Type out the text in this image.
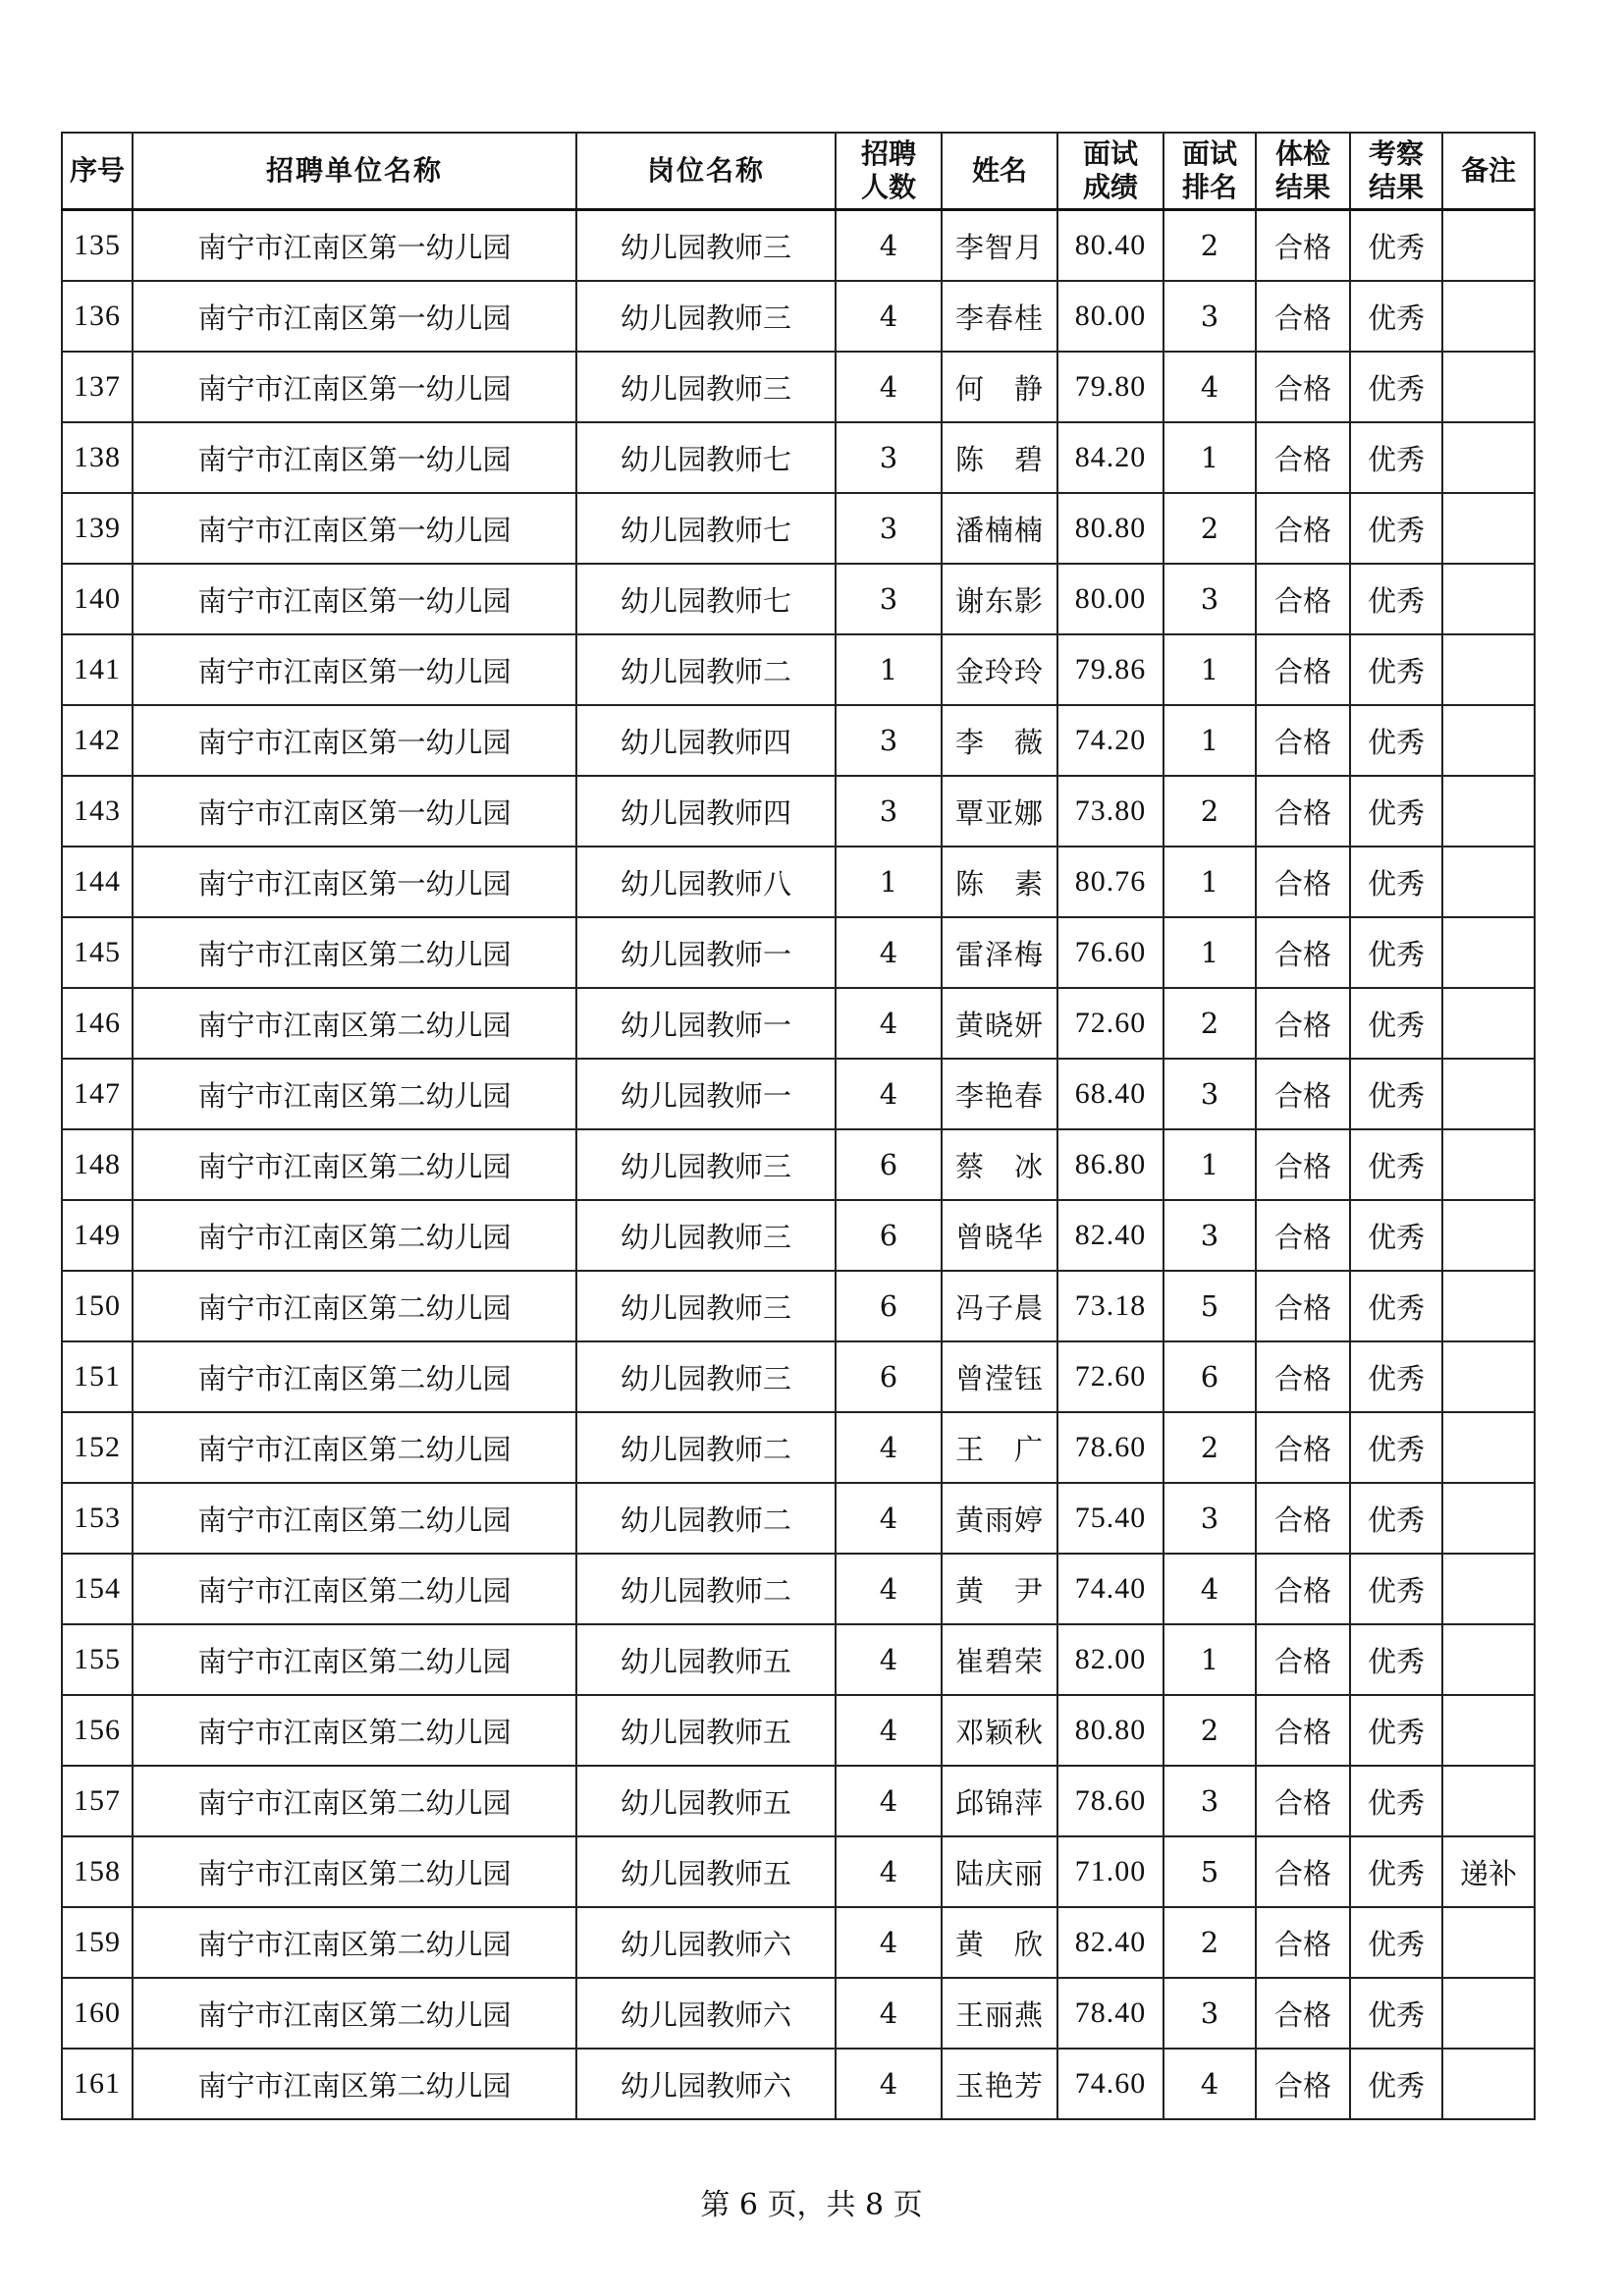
序号	招聘单位名称	岗位名称	招聘人数	姓名	面试成绩	面试排名	体检结果	考察结果	备注
135	南宁市江南区第一幼儿园	幼儿园教师三	4	李智月	80.40	2	合格	优秀	
136	南宁市江南区第一幼儿园	幼儿园教师三	4	李春桂	80.00	3	合格	优秀	
137	南宁市江南区第一幼儿园	幼儿园教师三	4	何　静	79.80	4	合格	优秀	
138	南宁市江南区第一幼儿园	幼儿园教师七	3	陈　碧	84.20	1	合格	优秀	
139	南宁市江南区第一幼儿园	幼儿园教师七	3	潘楠楠	80.80	2	合格	优秀	
140	南宁市江南区第一幼儿园	幼儿园教师七	3	谢东影	80.00	3	合格	优秀	
141	南宁市江南区第一幼儿园	幼儿园教师二	1	金玲玲	79.86	1	合格	优秀	
142	南宁市江南区第一幼儿园	幼儿园教师四	3	李　薇	74.20	1	合格	优秀	
143	南宁市江南区第一幼儿园	幼儿园教师四	3	覃亚娜	73.80	2	合格	优秀	
144	南宁市江南区第一幼儿园	幼儿园教师八	1	陈　素	80.76	1	合格	优秀	
145	南宁市江南区第二幼儿园	幼儿园教师一	4	雷泽梅	76.60	1	合格	优秀	
146	南宁市江南区第二幼儿园	幼儿园教师一	4	黄晓妍	72.60	2	合格	优秀	
147	南宁市江南区第二幼儿园	幼儿园教师一	4	李艳春	68.40	3	合格	优秀	
148	南宁市江南区第二幼儿园	幼儿园教师三	6	蔡　冰	86.80	1	合格	优秀	
149	南宁市江南区第二幼儿园	幼儿园教师三	6	曾晓华	82.40	3	合格	优秀	
150	南宁市江南区第二幼儿园	幼儿园教师三	6	冯子晨	73.18	5	合格	优秀	
151	南宁市江南区第二幼儿园	幼儿园教师三	6	曾滢钰	72.60	6	合格	优秀	
152	南宁市江南区第二幼儿园	幼儿园教师二	4	王　广	78.60	2	合格	优秀	
153	南宁市江南区第二幼儿园	幼儿园教师二	4	黄雨婷	75.40	3	合格	优秀	
154	南宁市江南区第二幼儿园	幼儿园教师二	4	黄　尹	74.40	4	合格	优秀	
155	南宁市江南区第二幼儿园	幼儿园教师五	4	崔碧荣	82.00	1	合格	优秀	
156	南宁市江南区第二幼儿园	幼儿园教师五	4	邓颖秋	80.80	2	合格	优秀	
157	南宁市江南区第二幼儿园	幼儿园教师五	4	邱锦萍	78.60	3	合格	优秀	
158	南宁市江南区第二幼儿园	幼儿园教师五	4	陆庆丽	71.00	5	合格	优秀	递补
159	南宁市江南区第二幼儿园	幼儿园教师六	4	黄　欣	82.40	2	合格	优秀	
160	南宁市江南区第二幼儿园	幼儿园教师六	4	王丽燕	78.40	3	合格	优秀	
161	南宁市江南区第二幼儿园	幼儿园教师六	4	玉艳芳	74.60	4	合格	优秀	
第 6 页，共 8 页
